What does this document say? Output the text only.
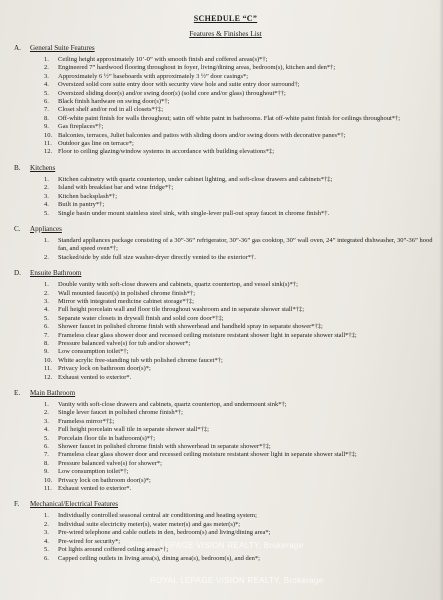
SCHEDULE “C”
Features & Finishes List
A.	General Suite Features
1.	Ceiling height approximately 10’-0” with smooth finish and coffered areas(s)*†;
2.	Engineered 7” hardwood flooring throughout in foyer, living/dining areas, bedroom(s), kitchen and den*†;
3.	Approximately 6 ½” baseboards with approximately 3 ½” door casings*;
4.	Oversized solid core suite entry door with security view hole and suite entry door surround†;
5.	Oversized sliding door(s) and/or swing door(s) (solid core and/or glass) throughout*††;
6.	Black finish hardware on swing door(s)*†;
7.	Closet shelf and/or rod in all closets*†‡;
8.	Off-white paint finish for walls throughout; satin off white paint in bathrooms. Flat off-white paint finish for ceilings throughout*†;
9.	Gas fireplaces*†;
10. Balconies, terraces, Juliet balconies and patios with sliding doors and/or swing doors with decorative panes*†;
11. Outdoor gas line on terrace*;
12. Floor to ceiling glazing/window systems in accordance with building elevations*‡;
B.	Kitchens
1.	Kitchen cabinetry with quartz countertop, under cabinet lighting, and soft-close drawers and cabinets*†‡;
2.	Island with breakfast bar and wine fridge*†;
3.	Kitchen backsplash*†;
4.	Built in pantry*†;
5.	Single basin under mount stainless steel sink, with single-lever pull-out spray faucet in chrome finish*†.
C.	Appliances
1.	Standard appliances package consisting of a 30”-36” refrigerator, 30”-36” gas cooktop, 30” wall oven, 24” integrated dishwasher, 30”-36” hood fan, and speed oven*†;
2.	Stacked/side by side full size washer-dryer directly vented to the exterior*†.
D.	Ensuite Bathroom
1.	Double vanity with soft-close drawers and cabinets, quartz countertop, and vessel sink(s)*†;
2.	Wall mounted faucet(s) in polished chrome finish*†;
3.	Mirror with integrated medicine cabinet storage*†‡;
4.	Full height porcelain wall and floor tile throughout washroom and in separate shower stall*†‡;
5.	Separate water closets in drywall finish and solid core door*†‡;
6.	Shower faucet in polished chrome finish with showerhead and handheld spray in separate shower*†‡;
7.	Frameless clear glass shower door and recessed ceiling moisture resistant shower light in separate shower stall*†‡;
8.	Pressure balanced valve(s) for tub and/or shower*;
9.	Low consumption toilet*†;
10. White acrylic free-standing tub with polished chrome faucet*†;
11. Privacy lock on bathroom door(s)*;
12. Exhaust vented to exterior*.
E.	Main Bathroom
1.	Vanity with soft-close drawers and cabinets, quartz countertop, and undermount sink*†;
2.	Single lever faucet in polished chrome finish*†;
3.	Frameless mirror*†‡;
4.	Full height porcelain wall tile in separate shower stall*†‡;
5.	Porcelain floor tile in bathroom(s)*†;
6.	Shower faucet in polished chrome finish with showerhead in separate shower*†‡;
7.	Frameless clear glass shower door and recessed ceiling moisture resistant shower light in separate shower stall*†‡;
8.	Pressure balanced valve(s) for shower*;
9.	Low consumption toilet*†;
10. Privacy lock on bathroom door(s)*;
11. Exhaust vented to exterior*.
F.	Mechanical/Electrical Features
1.	Individually controlled seasonal central air conditioning and heating system;
2.	Individual suite electricity meter(s), water meter(s) and gas meter(s)*;
3.	Pre-wired telephone and cable outlets in den, bedroom(s) and living/dining area*;
4.	Pre-wired for security*;
5.	Pot lights around coffered ceiling areas*†;
6.	Capped ceiling outlets in living area(s), dining area(s), bedroom(s), and den*;
ROYAL LEPAGE VISION REALTY, Brokerage
ROYAL LEPAGE VISION REALTY, Brokerage
